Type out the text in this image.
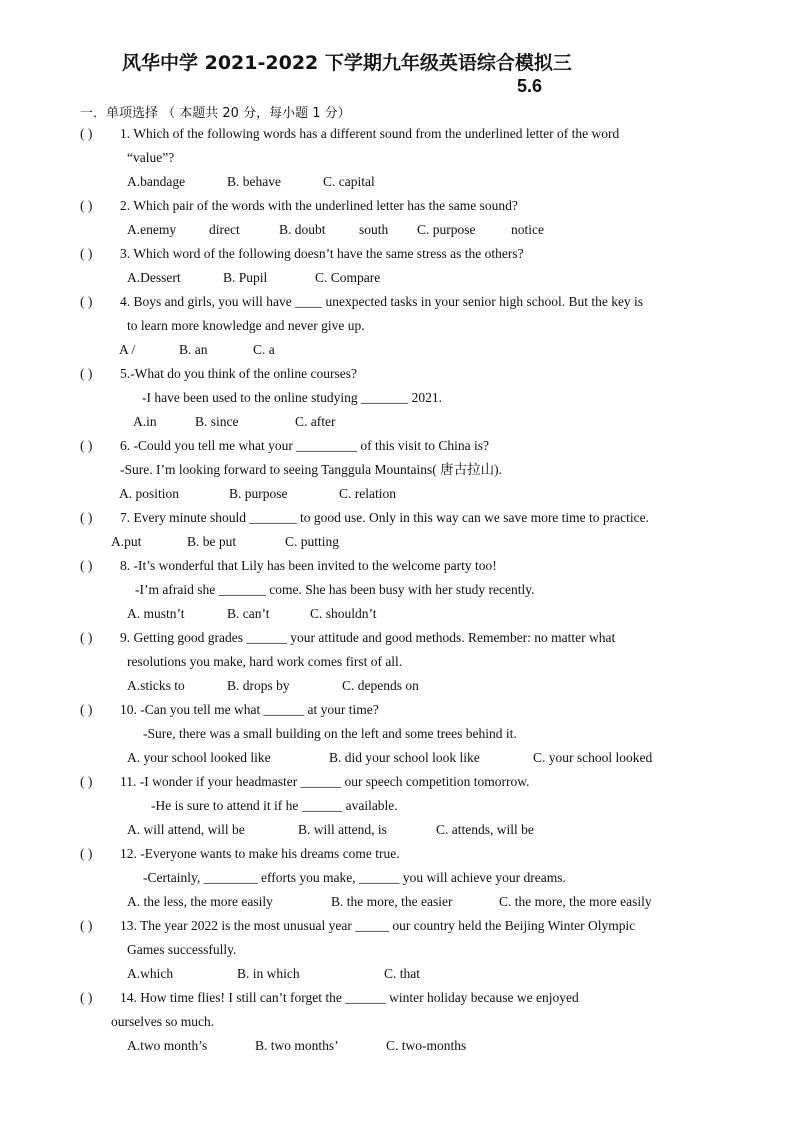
风华中学 2021-2022 下学期九年级英语综合模拟三
5.6
一．单项选择 （ 本题共 20 分，每小题 1 分）
( ) 1. Which of the following words has a different sound from the underlined letter of the word
“value”?
A.bandage	B. behave	C. capital
( ) 2. Which pair of the words with the underlined letter has the same sound?
A.enemy direct	B. doubt south C. purpose	notice
( ) 3. Which word of the following doesn’t have the same stress as the others?
A.Dessert	B. Pupil	C. Compare
( ) 4. Boys and girls, you will have ____ unexpected tasks in your senior high school. But the key is
to learn more knowledge and never give up.
A /	B. an	C. a
( ) 5.-What do you think of the online courses?
-I have been used to the online studying _______ 2021.
A.in	B. since	C. after
( ) 6. -Could you tell me what your _________ of this visit to China is?
-Sure. I’m looking forward to seeing Tanggula Mountains( 唐古拉山).
A. position	B. purpose	C. relation
( ) 7. Every minute should _______ to good use. Only in this way can we save more time to practice.
A.put	B. be put	C. putting
( ) 8. -It’s wonderful that Lily has been invited to the welcome party too!
-I’m afraid she _______ come. She has been busy with her study recently.
A. mustn’t	B. can’t	C. shouldn’t
( ) 9. Getting good grades ______ your attitude and good methods. Remember: no matter what
resolutions you make, hard work comes first of all.
A.sticks to	B. drops by	C. depends on
( ) 10. -Can you tell me what ______ at your time?
-Sure, there was a small building on the left and some trees behind it.
A. your school looked like	B. did your school look like	C. your school looked
( ) 11. -I wonder if your headmaster ______ our speech competition tomorrow.
-He is sure to attend it if he ______ available.
A. will attend, will be	B. will attend, is	C. attends, will be
( ) 12. -Everyone wants to make his dreams come true.
-Certainly, ________ efforts you make, ______ you will achieve your dreams.
A. the less, the more easily	B. the more, the easier	C. the more, the more easily
( ) 13. The year 2022 is the most unusual year _____ our country held the Beijing Winter Olympic
Games successfully.
A.which	B. in which	C. that
( ) 14. How time flies! I still can’t forget the ______ winter holiday because we enjoyed
ourselves so much.
A.two month’s	B. two months’	C. two-months
